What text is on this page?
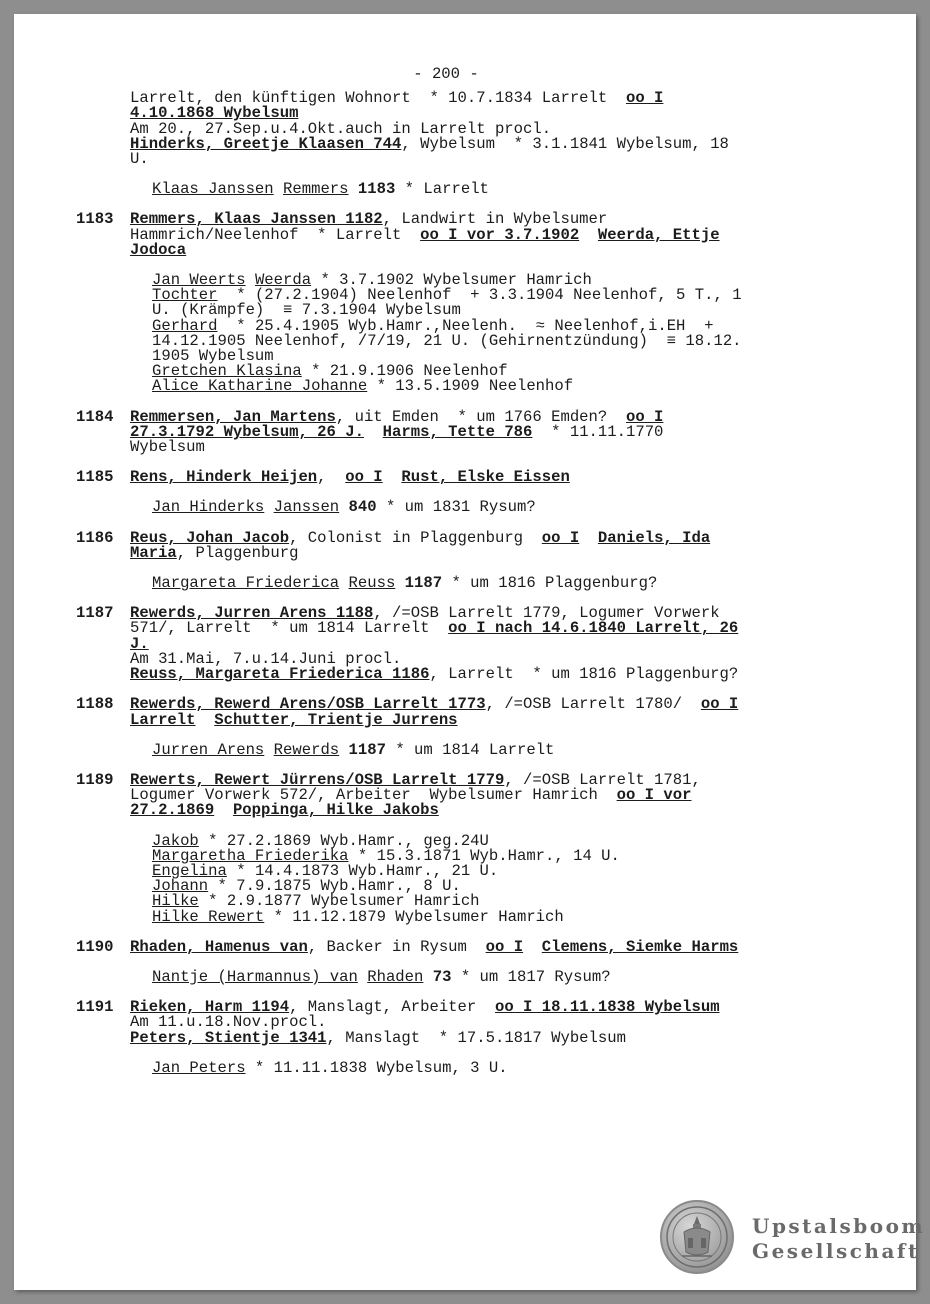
- 200 -
Larrelt, den künftigen Wohnort  * 10.7.1834 Larrelt  oo I
4.10.1868 Wybelsum
Am 20., 27.Sep.u.4.Okt.auch in Larrelt procl.
Hinderks, Greetje Klaasen 744, Wybelsum  * 3.1.1841 Wybelsum, 18
U.
Klaas Janssen Remmers 1183 * Larrelt
1183 Remmers, Klaas Janssen 1182, Landwirt in Wybelsumer
Hammrich/Neelenhof  * Larrelt  oo I vor 3.7.1902 Weerda, Ettje
Jodoca
Jan Weerts Weerda * 3.7.1902 Wybelsumer Hamrich
Tochter  * (27.2.1904) Neelenhof  + 3.3.1904 Neelenhof, 5 T., 1
U. (Krämpfe)  ≡ 7.3.1904 Wybelsum
Gerhard  * 25.4.1905 Wyb.Hamr.,Neelenh.  ≈ Neelenhof,i.EH  +
14.12.1905 Neelenhof, /7/19, 21 U. (Gehirnentzündung)  ≡ 18.12.
1905 Wybelsum
Gretchen Klasina * 21.9.1906 Neelenhof
Alice Katharine Johanne * 13.5.1909 Neelenhof
1184 Remmersen, Jan Martens, uit Emden  * um 1766 Emden?  oo I
27.3.1792 Wybelsum, 26 J. Harms, Tette 786  * 11.11.1770
Wybelsum
1185 Rens, Hinderk Heijen,  oo I Rust, Elske Eissen
Jan Hinderks Janssen 840 * um 1831 Rysum?
1186 Reus, Johan Jacob, Colonist in Plaggenburg  oo I Daniels, Ida
Maria, Plaggenburg
Margareta Friederica Reuss 1187 * um 1816 Plaggenburg?
1187 Rewerds, Jurren Arens 1188, /=OSB Larrelt 1779, Logumer Vorwerk
571/, Larrelt  * um 1814 Larrelt  oo I nach 14.6.1840 Larrelt, 26
J.
Am 31.Mai, 7.u.14.Juni procl.
Reuss, Margareta Friederica 1186, Larrelt  * um 1816 Plaggenburg?
1188 Rewerds, Rewerd Arens/OSB Larrelt 1773, /=OSB Larrelt 1780/  oo I
Larrelt Schutter, Trientje Jurrens
Jurren Arens Rewerds 1187 * um 1814 Larrelt
1189 Rewerts, Rewert Jürrens/OSB Larrelt 1779, /=OSB Larrelt 1781,
Logumer Vorwerk 572/, Arbeiter  Wybelsumer Hamrich  oo I vor
27.2.1869 Poppinga, Hilke Jakobs
Jakob * 27.2.1869 Wyb.Hamr., geg.24U
Margaretha Friederika * 15.3.1871 Wyb.Hamr., 14 U.
Engelina * 14.4.1873 Wyb.Hamr., 21 U.
Johann * 7.9.1875 Wyb.Hamr., 8 U.
Hilke * 2.9.1877 Wybelsumer Hamrich
Hilke Rewert * 11.12.1879 Wybelsumer Hamrich
1190 Rhaden, Hamenus van, Backer in Rysum  oo I Clemens, Siemke Harms
Nantje (Harmannus) van Rhaden 73 * um 1817 Rysum?
1191 Rieken, Harm 1194, Manslagt, Arbeiter  oo I 18.11.1838 Wybelsum
Am 11.u.18.Nov.procl.
Peters, Stientje 1341, Manslagt  * 17.5.1817 Wybelsum
Jan Peters * 11.11.1838 Wybelsum, 3 U.
Upstalsboom
Gesellschaft
